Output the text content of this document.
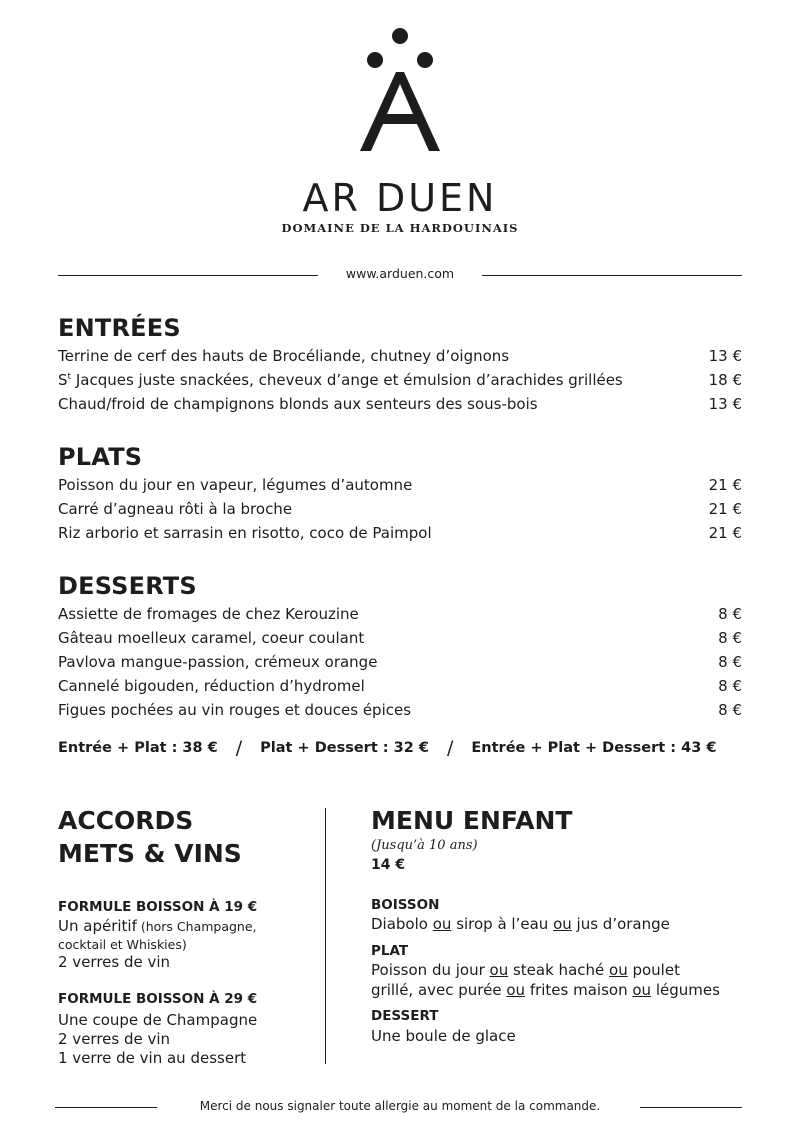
AR DUEN
DOMAINE DE LA HARDOUINAIS
www.arduen.com
ENTRÉES
Terrine de cerf des hauts de Brocéliande, chutney d’oignons	13 €
$S^t$ Jacques juste snackées, cheveux d’ange et émulsion d’arachides grillées	18 €
Chaud/froid de champignons blonds aux senteurs des sous-bois	13 €
PLATS
Poisson du jour en vapeur, légumes d’automne	21 €
Carré d’agneau rôti à la broche	21 €
Riz arborio et sarrasin en risotto, coco de Paimpol	21 €
DESSERTS
Assiette de fromages de chez Kerouzine	8 €
Gâteau moelleux caramel, coeur coulant	8 €
Pavlova mangue-passion, crémeux orange	8 €
Cannelé bigouden, réduction d’hydromel	8 €
Figues pochées au vin rouges et douces épices	8 €
Entrée + Plat : 38 € / Plat + Dessert : 32 € / Entrée + Plat + Dessert : 43 €
ACCORDS
METS & VINS
FORMULE BOISSON À 19 €
Un apéritif (hors Champagne,
cocktail et Whiskies)
2 verres de vin
FORMULE BOISSON À 29 €
Une coupe de Champagne
2 verres de vin
1 verre de vin au dessert
MENU ENFANT
(Jusqu’à 10 ans)
14 €
BOISSON
Diabolo ou sirop à l’eau ou jus d’orange
PLAT
Poisson du jour ou steak haché ou poulet
grillé, avec purée ou frites maison ou légumes
DESSERT
Une boule de glace
Merci de nous signaler toute allergie au moment de la commande.
